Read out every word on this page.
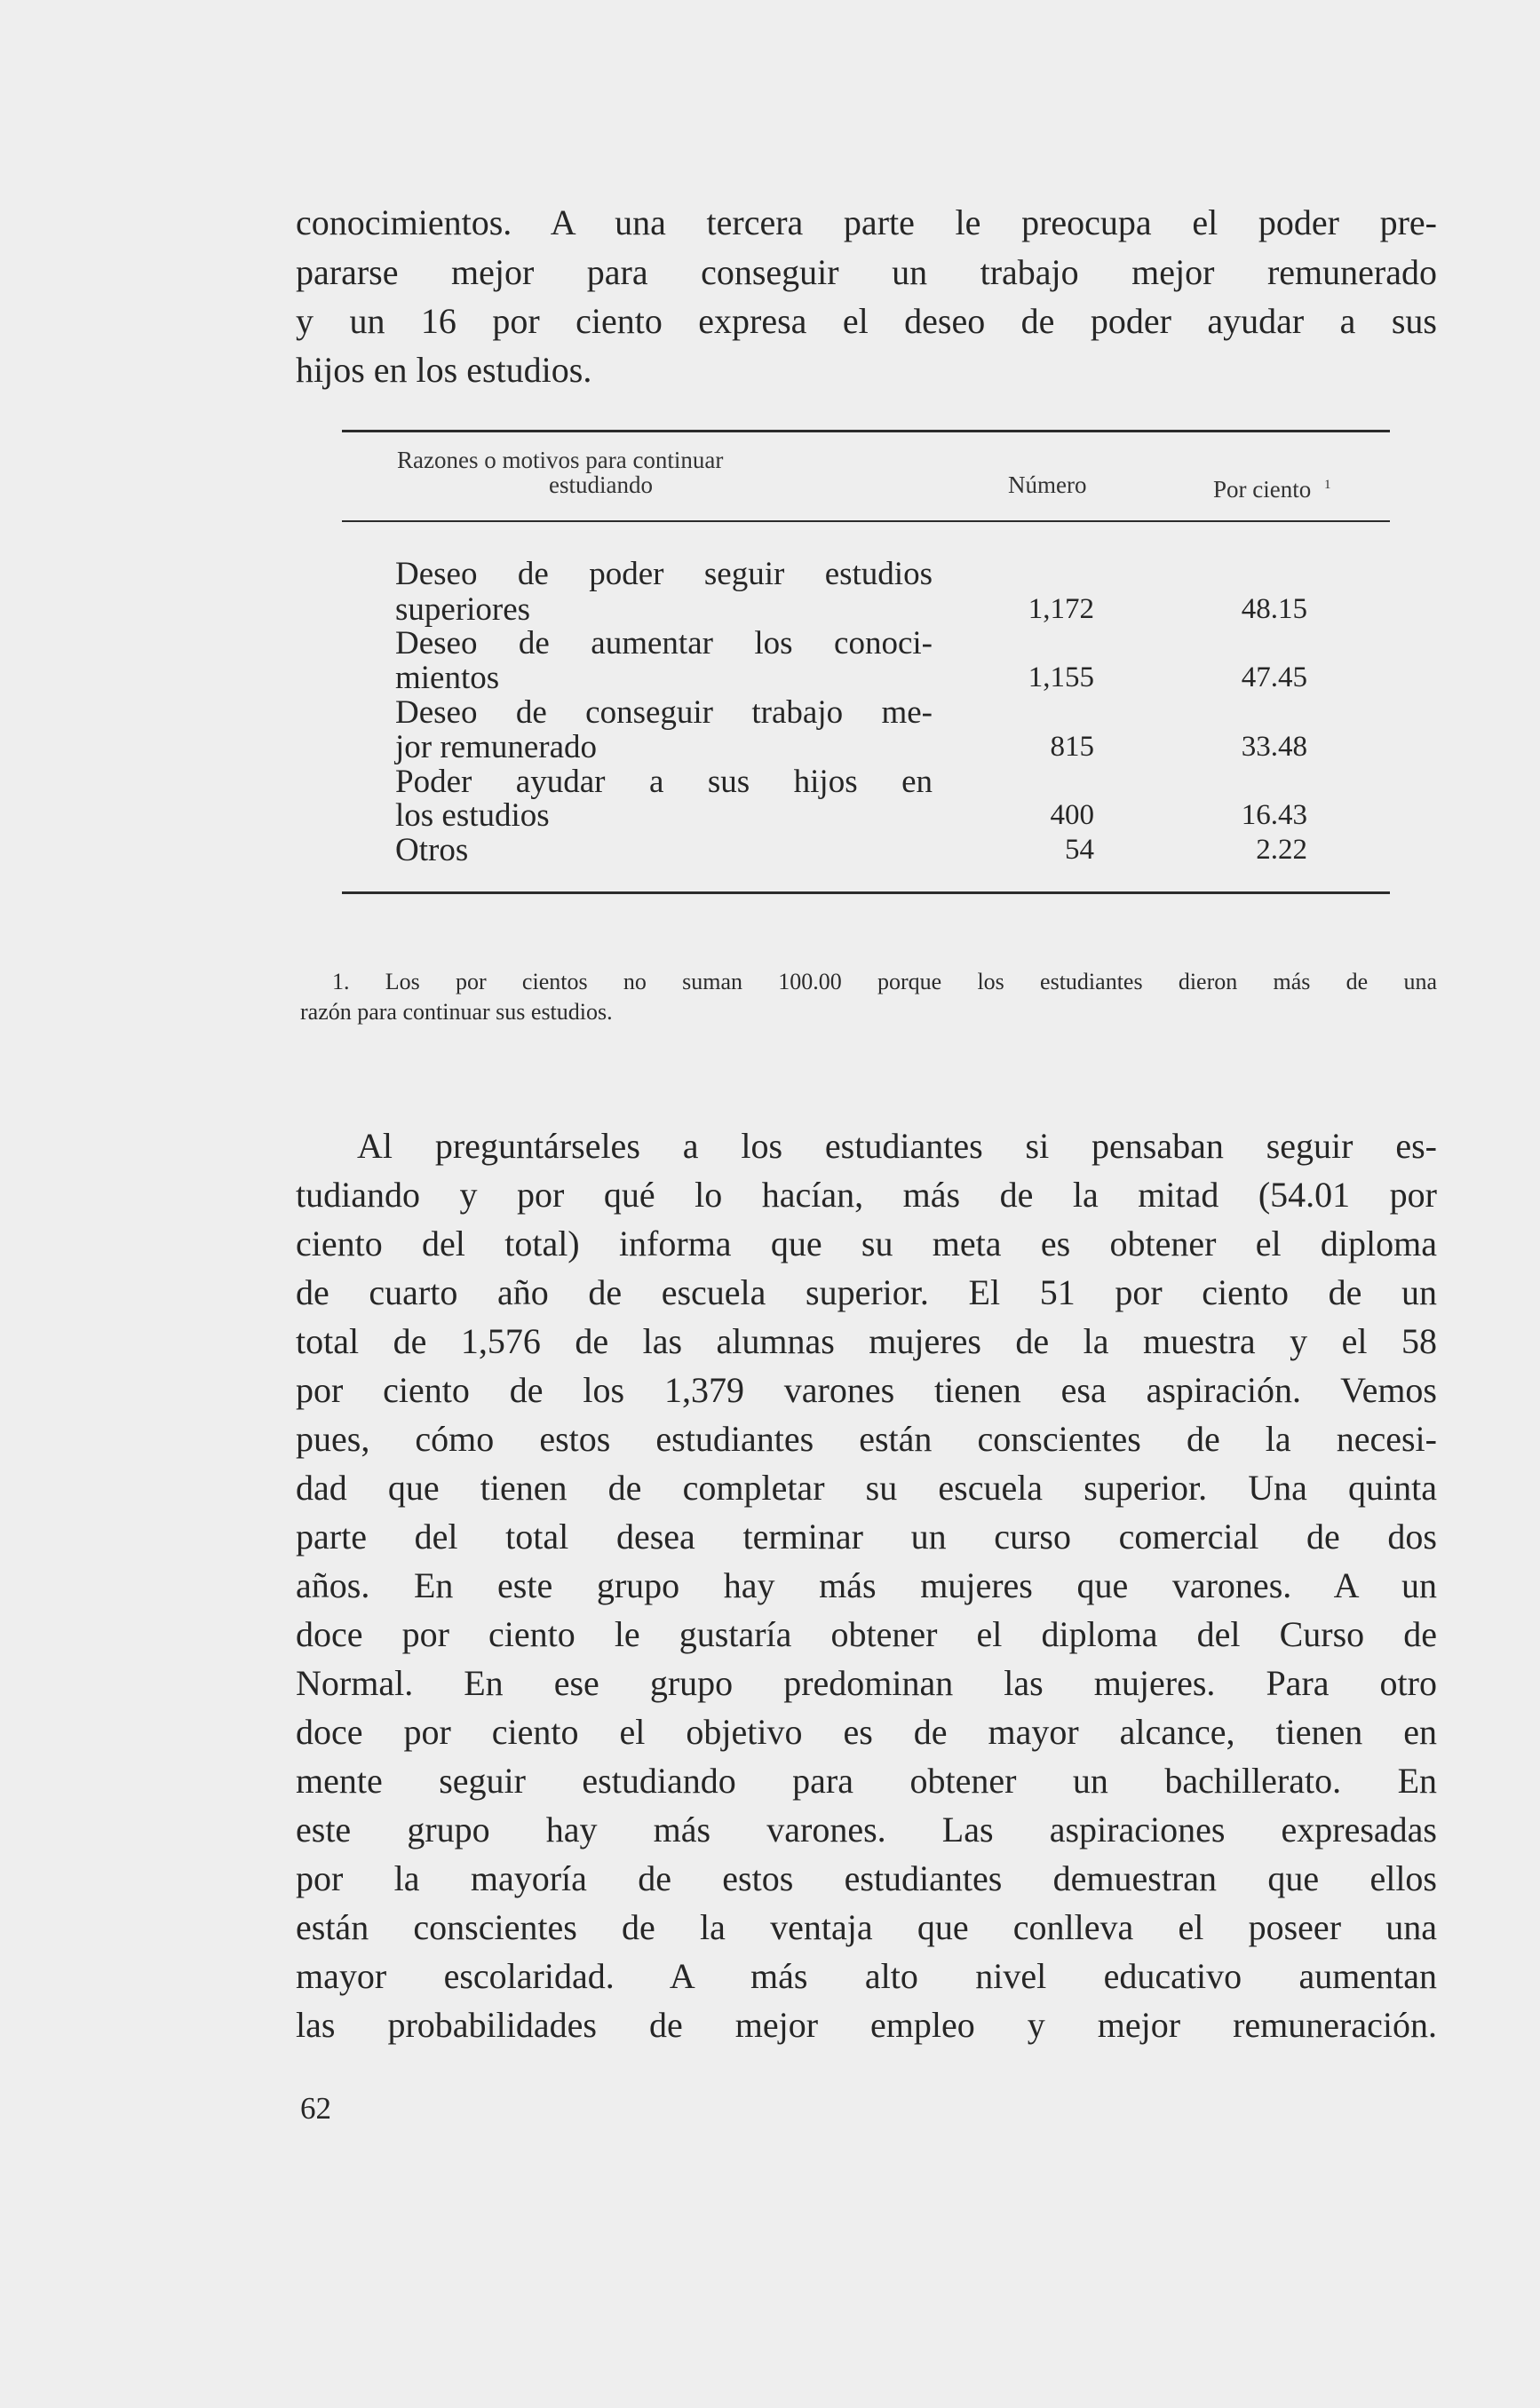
conocimientos. A una tercera parte le preocupa el poder pre-

pararse mejor para conseguir un trabajo mejor remunerado

y un 16 por ciento expresa el deseo de poder ayudar a sus

hijos en los estudios.

Razones o motivos para continuar
estudiando	Número	Por ciento $^1$
Deseo de poder seguir estudios
superiores	1,172	48.15
Deseo de aumentar los conoci-
mientos	1,155	47.45
Deseo de conseguir trabajo me-
jor remunerado	815	33.48
Poder ayudar a sus hijos en
los estudios	400	16.43
Otros	54	2.22
1. Los por cientos no suman 100.00 porque los estudiantes dieron más de una
razón para continuar sus estudios.

Al preguntárseles a los estudiantes si pensaban seguir es-

tudiando y por qué lo hacían, más de la mitad (54.01 por

ciento del total) informa que su meta es obtener el diploma

de cuarto año de escuela superior. El 51 por ciento de un

total de 1,576 de las alumnas mujeres de la muestra y el 58

por ciento de los 1,379 varones tienen esa aspiración. Vemos

pues, cómo estos estudiantes están conscientes de la necesi-

dad que tienen de completar su escuela superior. Una quinta

parte del total desea terminar un curso comercial de dos

años. En este grupo hay más mujeres que varones. A un

doce por ciento le gustaría obtener el diploma del Curso de

Normal. En ese grupo predominan las mujeres. Para otro

doce por ciento el objetivo es de mayor alcance, tienen en

mente seguir estudiando para obtener un bachillerato. En

este grupo hay más varones. Las aspiraciones expresadas

por la mayoría de estos estudiantes demuestran que ellos

están conscientes de la ventaja que conlleva el poseer una

mayor escolaridad. A más alto nivel educativo aumentan

las probabilidades de mejor empleo y mejor remuneración.

62
